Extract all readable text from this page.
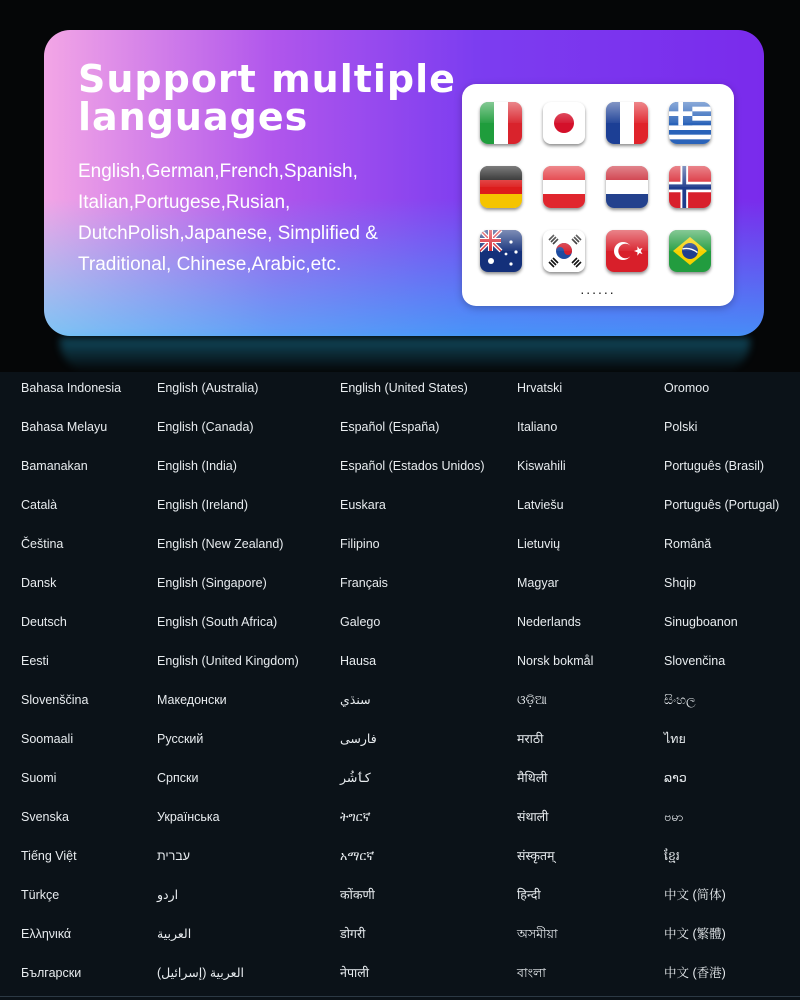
Support multiple languages

English,German,French,Spanish, Italian,Portugese,Rusian, DutchPolish,Japanese, Simplified & Traditional, Chinese,Arabic,etc.

......
Bahasa Indonesia	English (Australia)	English (United States)	Hrvatski	Oromoo
Bahasa Melayu	English (Canada)	Español (España)	Italiano	Polski
Bamanakan	English (India)	Español (Estados Unidos)	Kiswahili	Português (Brasil)
Català	English (Ireland)	Euskara	Latviešu	Português (Portugal)
Čeština	English (New Zealand)	Filipino	Lietuvių	Română
Dansk	English (Singapore)	Français	Magyar	Shqip
Deutsch	English (South Africa)	Galego	Nederlands	Sinugboanon
Eesti	English (United Kingdom)	Hausa	Norsk bokmål	Slovenčina
Slovenščina	Македонски	سنڌي	ଓଡ଼ିଆ	සිංහල
Soomaali	Русский	فارسی	मराठी	ไทย
Suomi	Српски	کٲشُر	मैथिली	ລາວ
Svenska	Українська	ትግርኛ	संथाली	ဗမာ
Tiếng Việt	עברית	አማርኛ	संस्कृतम्	ខ្មែរ
Türkçe	اردو	कोंकणी	हिन्दी	中文 (简体)
Ελληνικά	العربية	डोगरी	অসমীয়া	中文 (繁體)
Български	العربية (إسرائيل)	नेपाली	বাংলা	中文 (香港)
